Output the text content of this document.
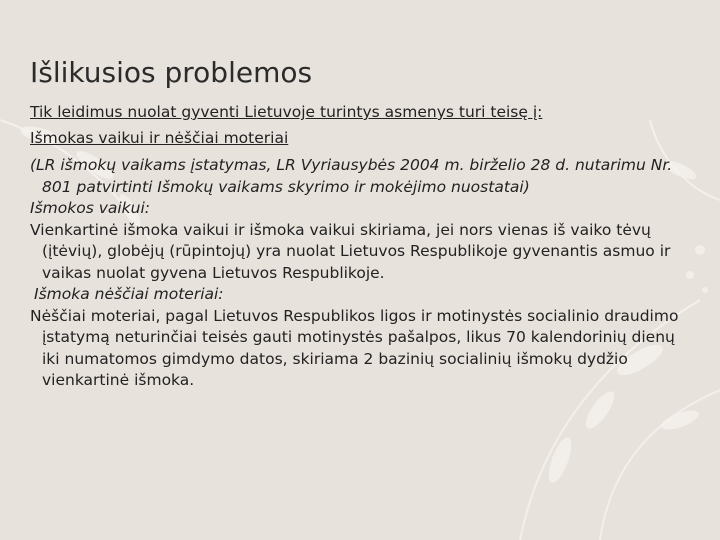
Išlikusios problemos

Tik leidimus nuolat gyventi Lietuvoje turintys asmenys turi teisę į:

Išmokas vaikui ir nėščiai moteriai

(LR išmokų vaikams įstatymas, LR Vyriausybės 2004 m. birželio 28 d. nutarimu Nr. 801 patvirtinti Išmokų vaikams skyrimo ir mokėjimo nuostatai)

Išmokos vaikui:

Vienkartinė išmoka vaikui ir išmoka vaikui skiriama, jei nors vienas iš vaiko tėvų (įtėvių), globėjų (rūpintojų) yra nuolat Lietuvos Respublikoje gyvenantis asmuo ir vaikas nuolat gyvena Lietuvos Respublikoje.

Išmoka nėščiai moteriai:

Nėščiai moteriai, pagal Lietuvos Respublikos ligos ir motinystės socialinio draudimo įstatymą neturinčiai teisės gauti motinystės pašalpos, likus 70 kalendorinių dienų iki numatomos gimdymo datos, skiriama 2 bazinių socialinių išmokų dydžio vienkartinė išmoka.
